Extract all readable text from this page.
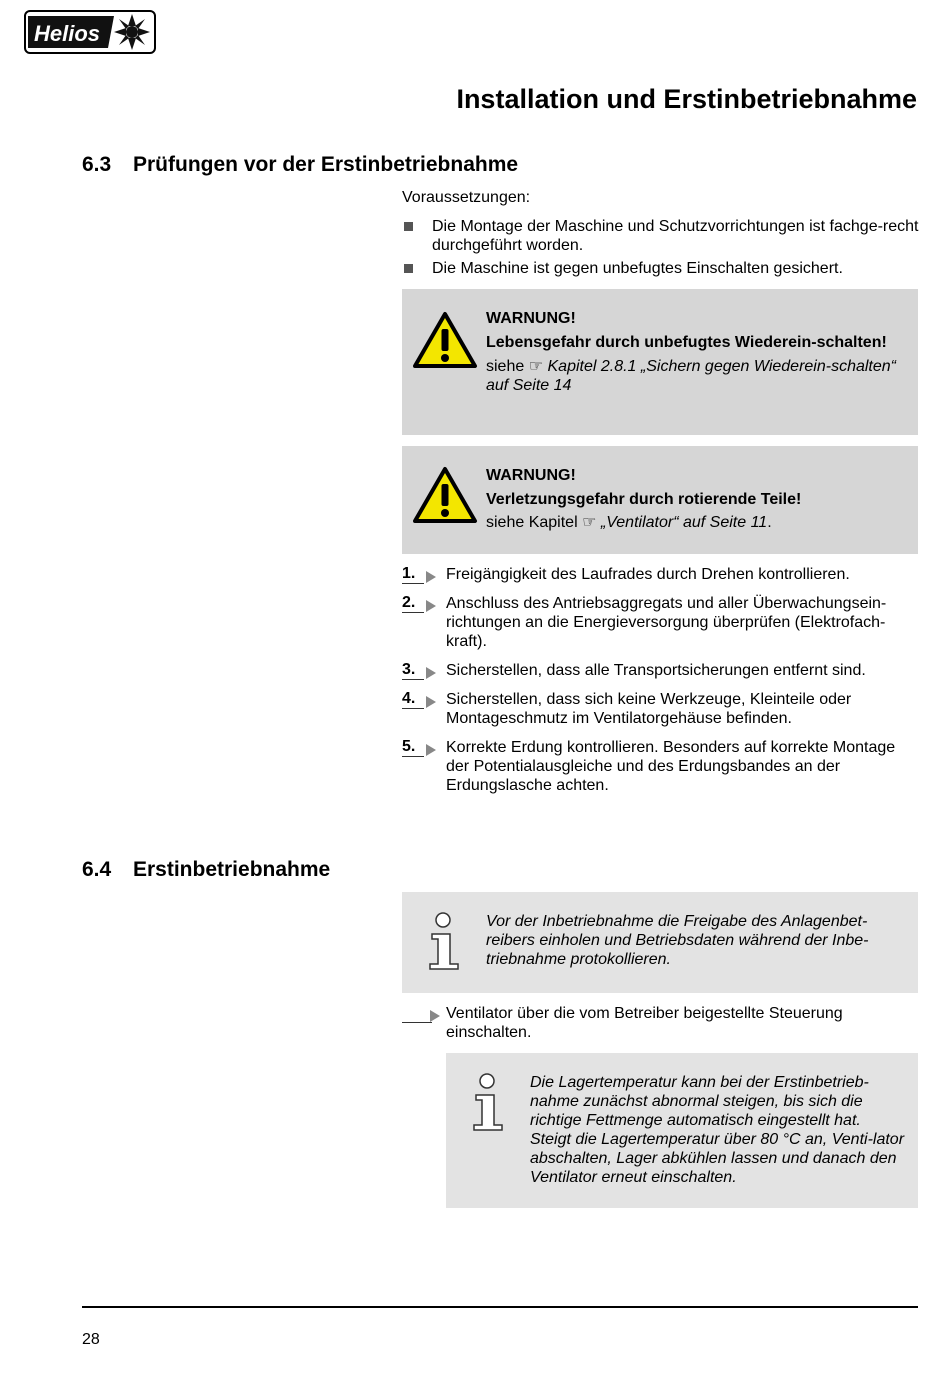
Helios
Installation und Erstinbetriebnahme
6.3 Prüfungen vor der Erstinbetriebnahme
Voraussetzungen:
Die Montage der Maschine und Schutzvorrichtungen ist fachge-recht durchgeführt worden.
Die Maschine ist gegen unbefugtes Einschalten gesichert.
WARNUNG!
Lebensgefahr durch unbefugtes Wiederein-schalten!
siehe ☞ Kapitel 2.8.1 „Sichern gegen Wiederein-schalten“ auf Seite 14
WARNUNG!
Verletzungsgefahr durch rotierende Teile!
siehe Kapitel ☞ „Ventilator“ auf Seite 11.
1.	Freigängigkeit des Laufrades durch Drehen kontrollieren.
2.	Anschluss des Antriebsaggregats und aller Überwachungsein-richtungen an die Energieversorgung überprüfen (Elektrofach-kraft).
3.	Sicherstellen, dass alle Transportsicherungen entfernt sind.
4.	Sicherstellen, dass sich keine Werkzeuge, Kleinteile oder Montageschmutz im Ventilatorgehäuse befinden.
5.	Korrekte Erdung kontrollieren. Besonders auf korrekte Montage der Potentialausgleiche und des Erdungsbandes an der Erdungslasche achten.
6.4 Erstinbetriebnahme
Vor der Inbetriebnahme die Freigabe des Anlagenbet-reibers einholen und Betriebsdaten während der Inbe-triebnahme protokollieren.
Ventilator über die vom Betreiber beigestellte Steuerung einschalten.
Die Lagertemperatur kann bei der Erstinbetrieb-nahme zunächst abnormal steigen, bis sich die richtige Fettmenge automatisch eingestellt hat. Steigt die Lagertemperatur über 80 °C an, Venti-lator abschalten, Lager abkühlen lassen und danach den Ventilator erneut einschalten.
28
